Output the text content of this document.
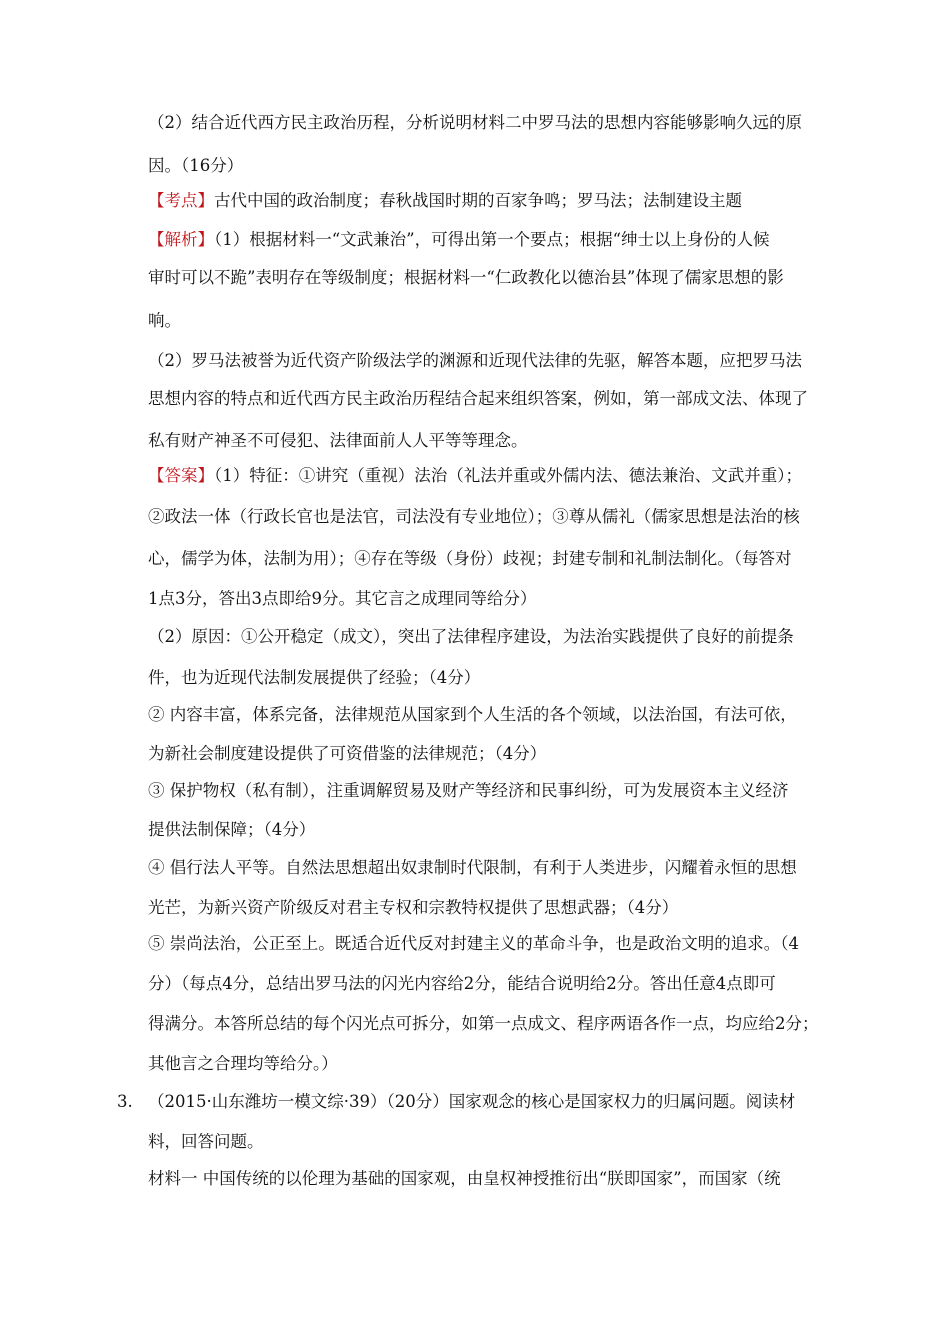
（2）结合近代西方民主政治历程，分析说明材料二中罗马法的思想内容能够影响久远的原
因。（16分）
【考点】古代中国的政治制度；春秋战国时期的百家争鸣；罗马法；法制建设主题
【解析】（1）根据材料一“文武兼治”，可得出第一个要点；根据“绅士以上身份的人候
审时可以不跪”表明存在等级制度；根据材料一“仁政教化以德治县”体现了儒家思想的影
响。
（2）罗马法被誉为近代资产阶级法学的渊源和近现代法律的先驱，解答本题，应把罗马法
思想内容的特点和近代西方民主政治历程结合起来组织答案，例如，第一部成文法、体现了
私有财产神圣不可侵犯、法律面前人人平等等理念。
【答案】（1）特征：①讲究（重视）法治（礼法并重或外儒内法、德法兼治、文武并重）；
②政法一体（行政长官也是法官，司法没有专业地位）；③尊从儒礼（儒家思想是法治的核
心，儒学为体，法制为用）；④存在等级（身份）歧视；封建专制和礼制法制化。（每答对
1点3分，答出3点即给9分。其它言之成理同等给分）
（2）原因：①公开稳定（成文），突出了法律程序建设，为法治实践提供了良好的前提条
件，也为近现代法制发展提供了经验；（4分）
② 内容丰富，体系完备，法律规范从国家到个人生活的各个领域，以法治国，有法可依，
为新社会制度建设提供了可资借鉴的法律规范；（4分）
③ 保护物权（私有制），注重调解贸易及财产等经济和民事纠纷，可为发展资本主义经济
提供法制保障；（4分）
④ 倡行法人平等。自然法思想超出奴隶制时代限制，有利于人类进步，闪耀着永恒的思想
光芒，为新兴资产阶级反对君主专权和宗教特权提供了思想武器；（4分）
⑤ 崇尚法治，公正至上。既适合近代反对封建主义的革命斗争，也是政治文明的追求。（4
分）（每点4分，总结出罗马法的闪光内容给2分，能结合说明给2分。答出任意4点即可
得满分。本答所总结的每个闪光点可拆分，如第一点成文、程序两语各作一点，均应给2分；
其他言之合理均等给分。）
3. （2015·山东潍坊一模文综·39）（20分）国家观念的核心是国家权力的归属问题。阅读材
料，回答问题。
材料一 中国传统的以伦理为基础的国家观，由皇权神授推衍出“朕即国家”，而国家（统
